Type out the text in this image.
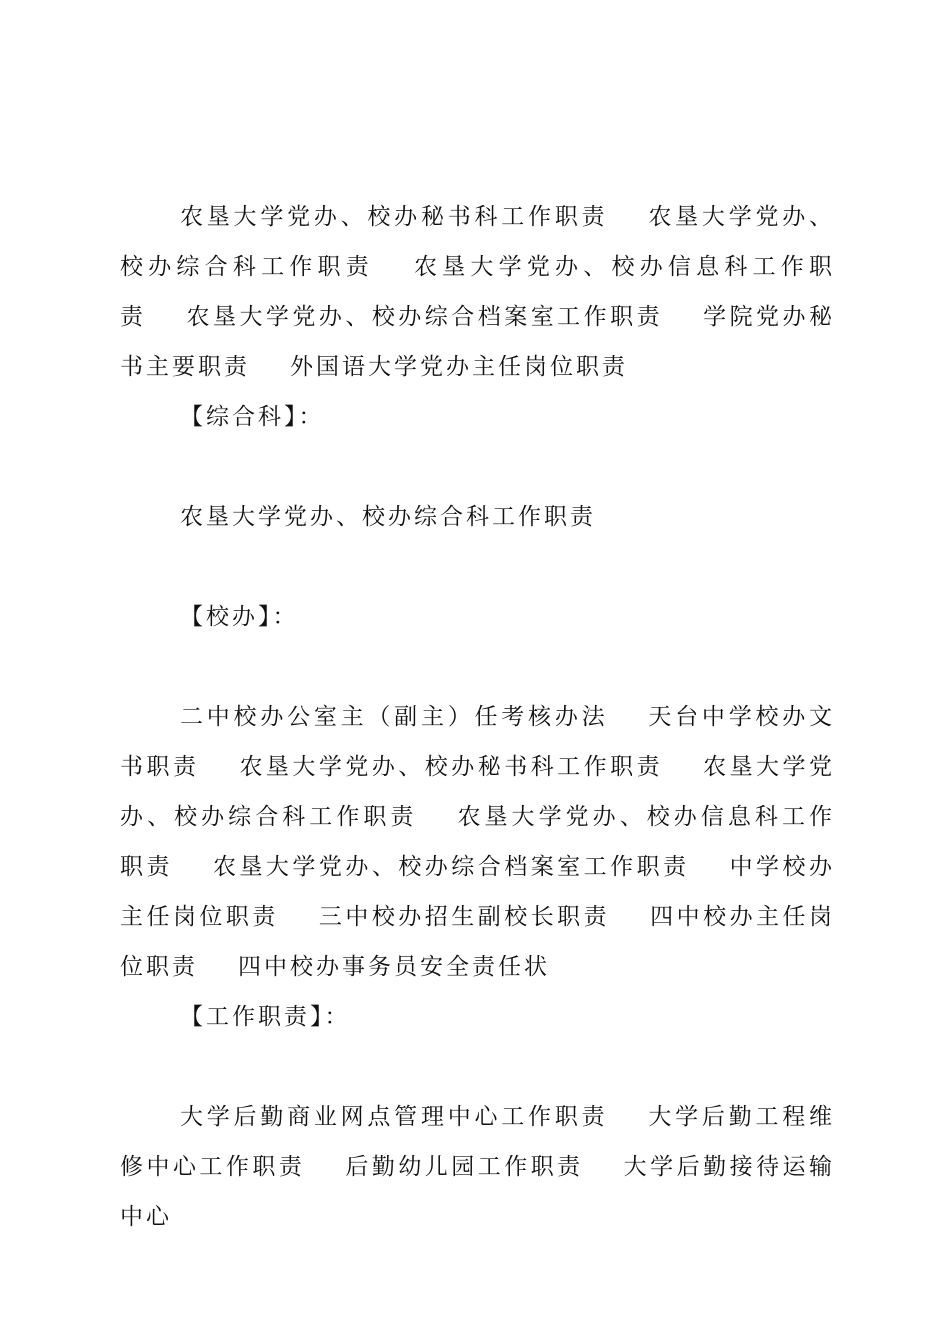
农垦大学党办、校办秘书科工作职责 农垦大学党办、校办综合科工作职责 农垦大学党办、校办信息科工作职责 农垦大学党办、校办综合档案室工作职责 学院党办秘书主要职责 外国语大学党办主任岗位职责

【综合科】：

农垦大学党办、校办综合科工作职责

【校办】：

二中校办公室主（副主）任考核办法 天台中学校办文书职责 农垦大学党办、校办秘书科工作职责 农垦大学党办、校办综合科工作职责 农垦大学党办、校办信息科工作职责 农垦大学党办、校办综合档案室工作职责 中学校办主任岗位职责 三中校办招生副校长职责 四中校办主任岗位职责 四中校办事务员安全责任状

【工作职责】：

大学后勤商业网点管理中心工作职责 大学后勤工程维修中心工作职责 后勤幼儿园工作职责 大学后勤接待运输中心
